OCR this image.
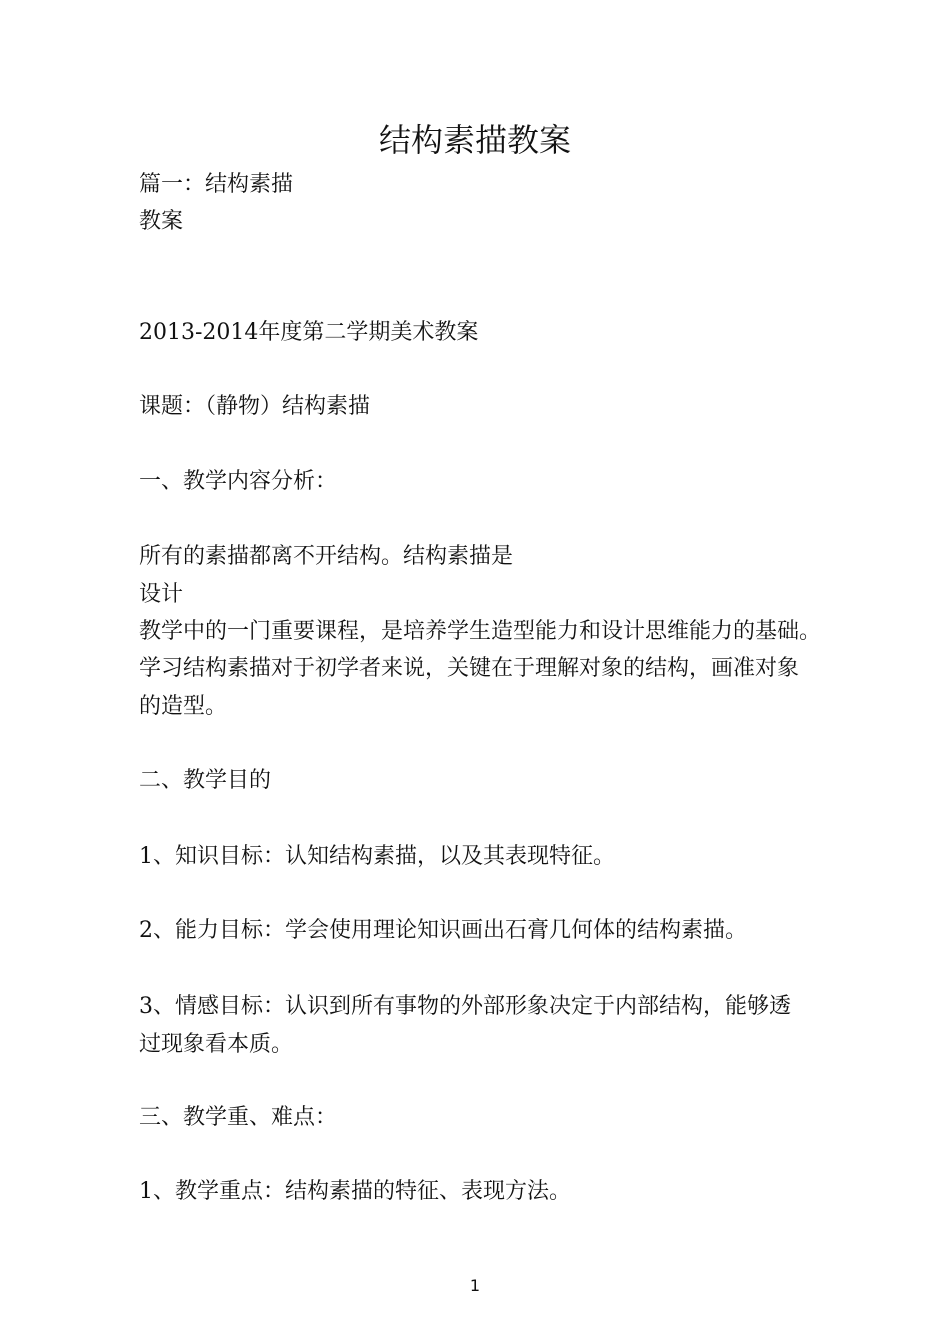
结构素描教案
篇一：结构素描
教案
2013-2014年度第二学期美术教案
课题：（静物）结构素描
一、教学内容分析：
所有的素描都离不开结构。结构素描是
设计
教学中的一门重要课程，是培养学生造型能力和设计思维能力的基础。
学习结构素描对于初学者来说，关键在于理解对象的结构，画准对象
的造型。
二、教学目的
1、知识目标：认知结构素描，以及其表现特征。
2、能力目标：学会使用理论知识画出石膏几何体的结构素描。
3、情感目标：认识到所有事物的外部形象决定于内部结构，能够透
过现象看本质。
三、教学重、难点：
1、教学重点：结构素描的特征、表现方法。
1
